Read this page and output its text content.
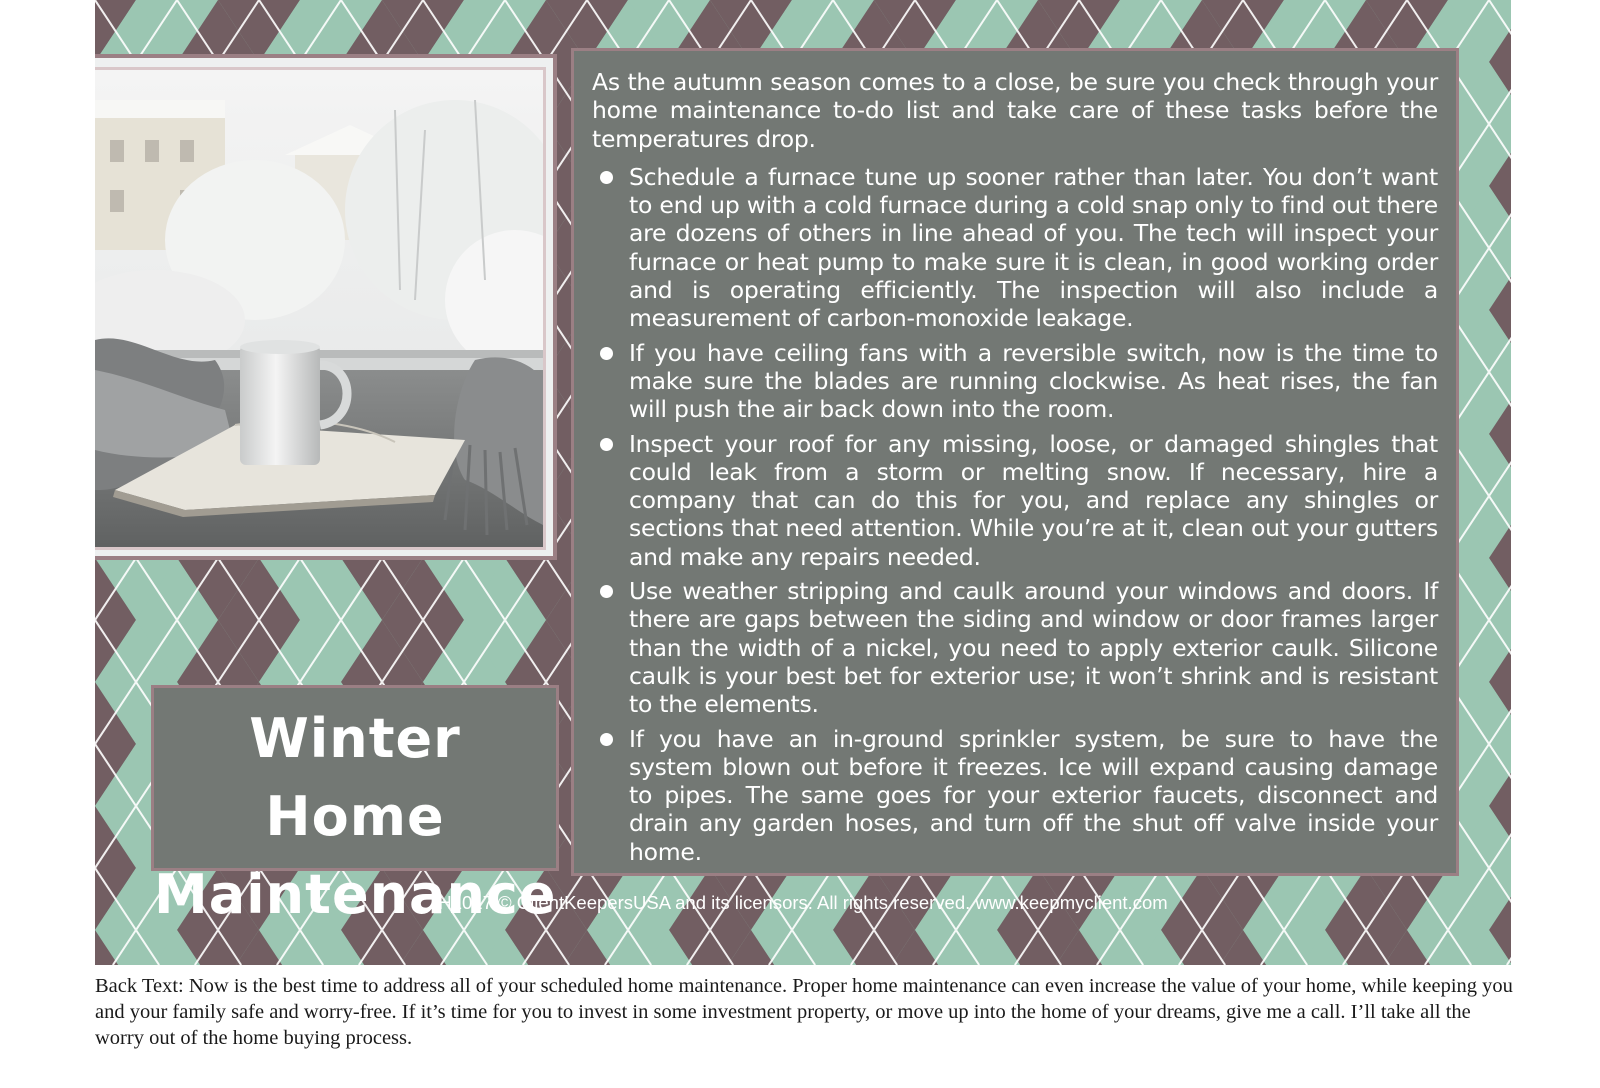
Winter Home
Maintenance

As the autumn season comes to a close, be sure you check through your home maintenance to-do list and take care of these tasks before the temperatures drop.

Schedule a furnace tune up sooner rather than later. You don’t want to end up with a cold furnace during a cold snap only to find out there are dozens of others in line ahead of you. The tech will inspect your furnace or heat pump to make sure it is clean, in good working order and is operating efficiently. The inspection will also include a measurement of carbon-monoxide leakage.
If you have ceiling fans with a reversible switch, now is the time to make sure the blades are running clockwise. As heat rises, the fan will push the air back down into the room.
Inspect your roof for any missing, loose, or damaged shingles that could leak from a storm or melting snow. If necessary, hire a company that can do this for you, and replace any shingles or sections that need attention. While you’re at it, clean out your gutters and make any repairs needed.
Use weather stripping and caulk around your windows and doors. If there are gaps between the siding and window or door frames larger than the width of a nickel, you need to apply exterior caulk. Silicone caulk is your best bet for exterior use; it won’t shrink and is resistant to the elements.
If you have an in-ground sprinkler system, be sure to have the system blown out before it freezes. Ice will expand causing damage to pipes. The same goes for your exterior faucets, disconnect and drain any garden hoses, and turn off the shut off valve inside your home.
H1017 © ClientKeepersUSA and its licensors. All rights reserved. www.keepmyclient.com
Back Text: Now is the best time to address all of your scheduled home maintenance. Proper home maintenance can even increase the value of your home, while keeping you and your family safe and worry-free. If it’s time for you to invest in some investment property, or move up into the home of your dreams, give me a call. I’ll take all the worry out of the home buying process.
